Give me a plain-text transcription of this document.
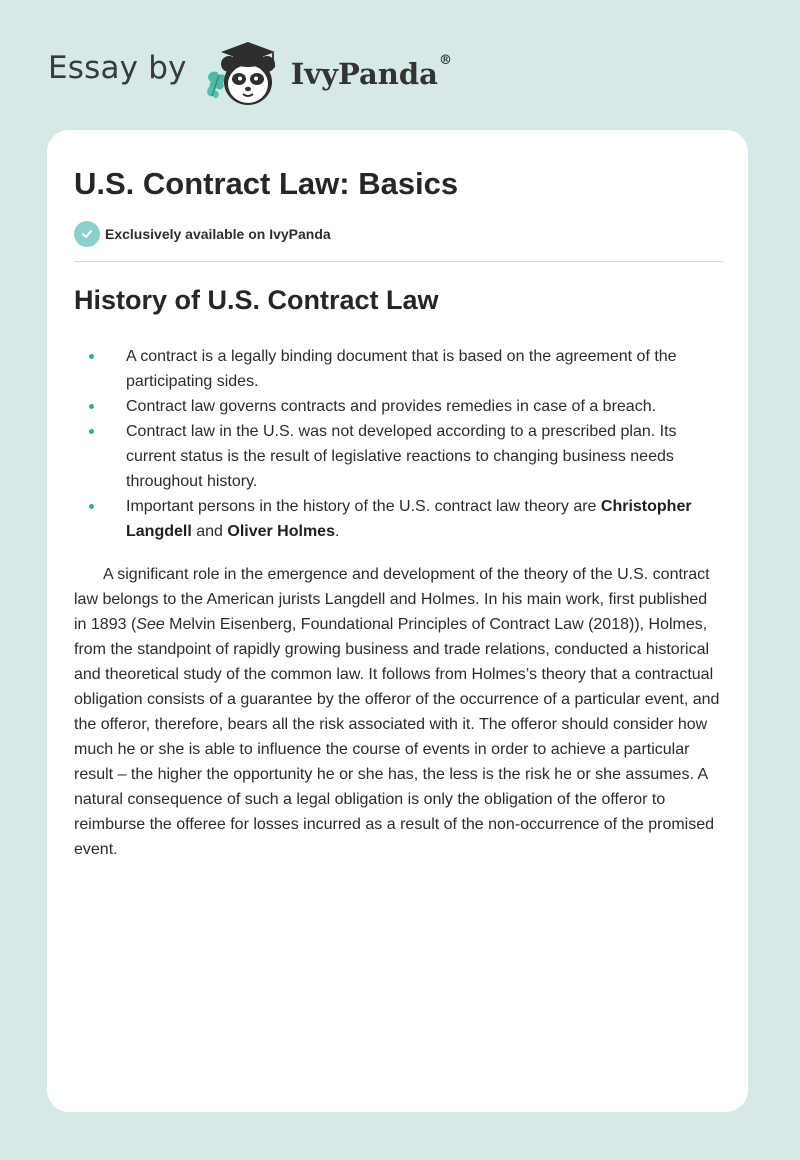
Essay by	IvyPanda®
U.S. Contract Law: Basics
Exclusively available on IvyPanda
History of U.S. Contract Law
A contract is a legally binding document that is based on the agreement of the participating sides.
Contract law governs contracts and provides remedies in case of a breach.
Contract law in the U.S. was not developed according to a prescribed plan. Its current status is the result of legislative reactions to changing business needs throughout history.
Important persons in the history of the U.S. contract law theory are Christopher Langdell and Oliver Holmes.

A significant role in the emergence and development of the theory of the U.S. contract law belongs to the American jurists Langdell and Holmes. In his main work, first published in 1893 (See Melvin Eisenberg, Foundational Principles of Contract Law (2018)), Holmes, from the standpoint of rapidly growing business and trade relations, conducted a historical and theoretical study of the common law. It follows from Holmes’s theory that a contractual obligation consists of a guarantee by the offeror of the occurrence of a particular event, and the offeror, therefore, bears all the risk associated with it. The offeror should consider how much he or she is able to influence the course of events in order to achieve a particular result – the higher the opportunity he or she has, the less is the risk he or she assumes. A natural consequence of such a legal obligation is only the obligation of the offeror to reimburse the offeree for losses incurred as a result of the non-occurrence of the promised event.
